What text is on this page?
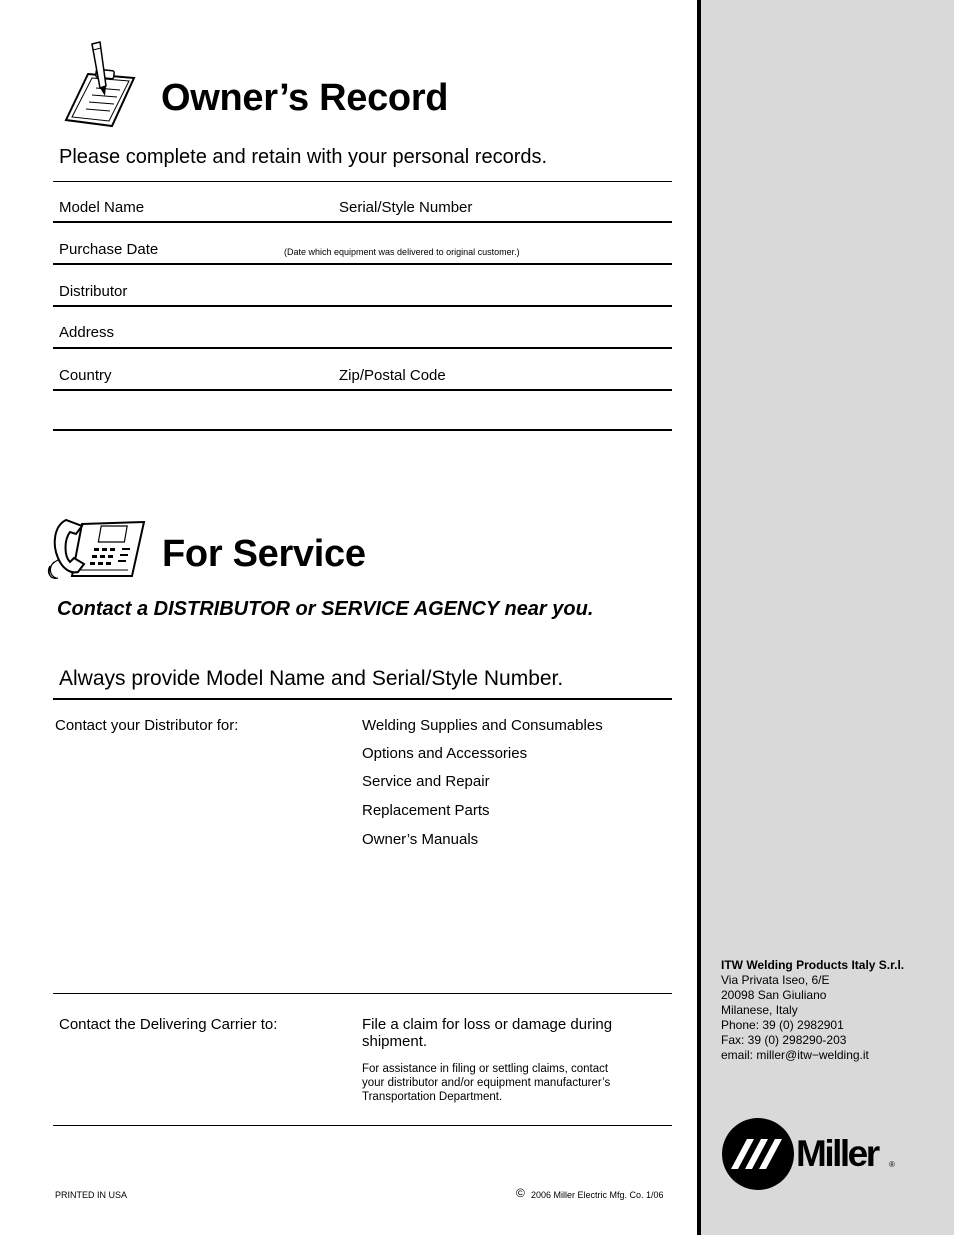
Owner’s Record
Please complete and retain with your personal records.
Model Name	Serial/Style Number
Purchase Date	(Date which equipment was delivered to original customer.)
Distributor
Address
Country	Zip/Postal Code
For Service
Contact a DISTRIBUTOR or SERVICE AGENCY near you.
Always provide Model Name and Serial/Style Number.
Contact your Distributor for:	Welding Supplies and Consumables
Options and Accessories
Service and Repair
Replacement Parts
Owner’s Manuals
Contact the Delivering Carrier to:	File a claim for loss or damage during
shipment.
For assistance in filing or settling claims, contact
your distributor and/or equipment manufacturer’s
Transportation Department.
PRINTED IN USA	© 2006 Miller Electric Mfg. Co. 1/06
ITW Welding Products Italy S.r.l.
Via Privata Iseo, 6/E
20098 San Giuliano
Milanese, Italy
Phone: 39 (0) 2982901
Fax: 39 (0) 298290-203
email: miller@itw−welding.it
Miller ®
